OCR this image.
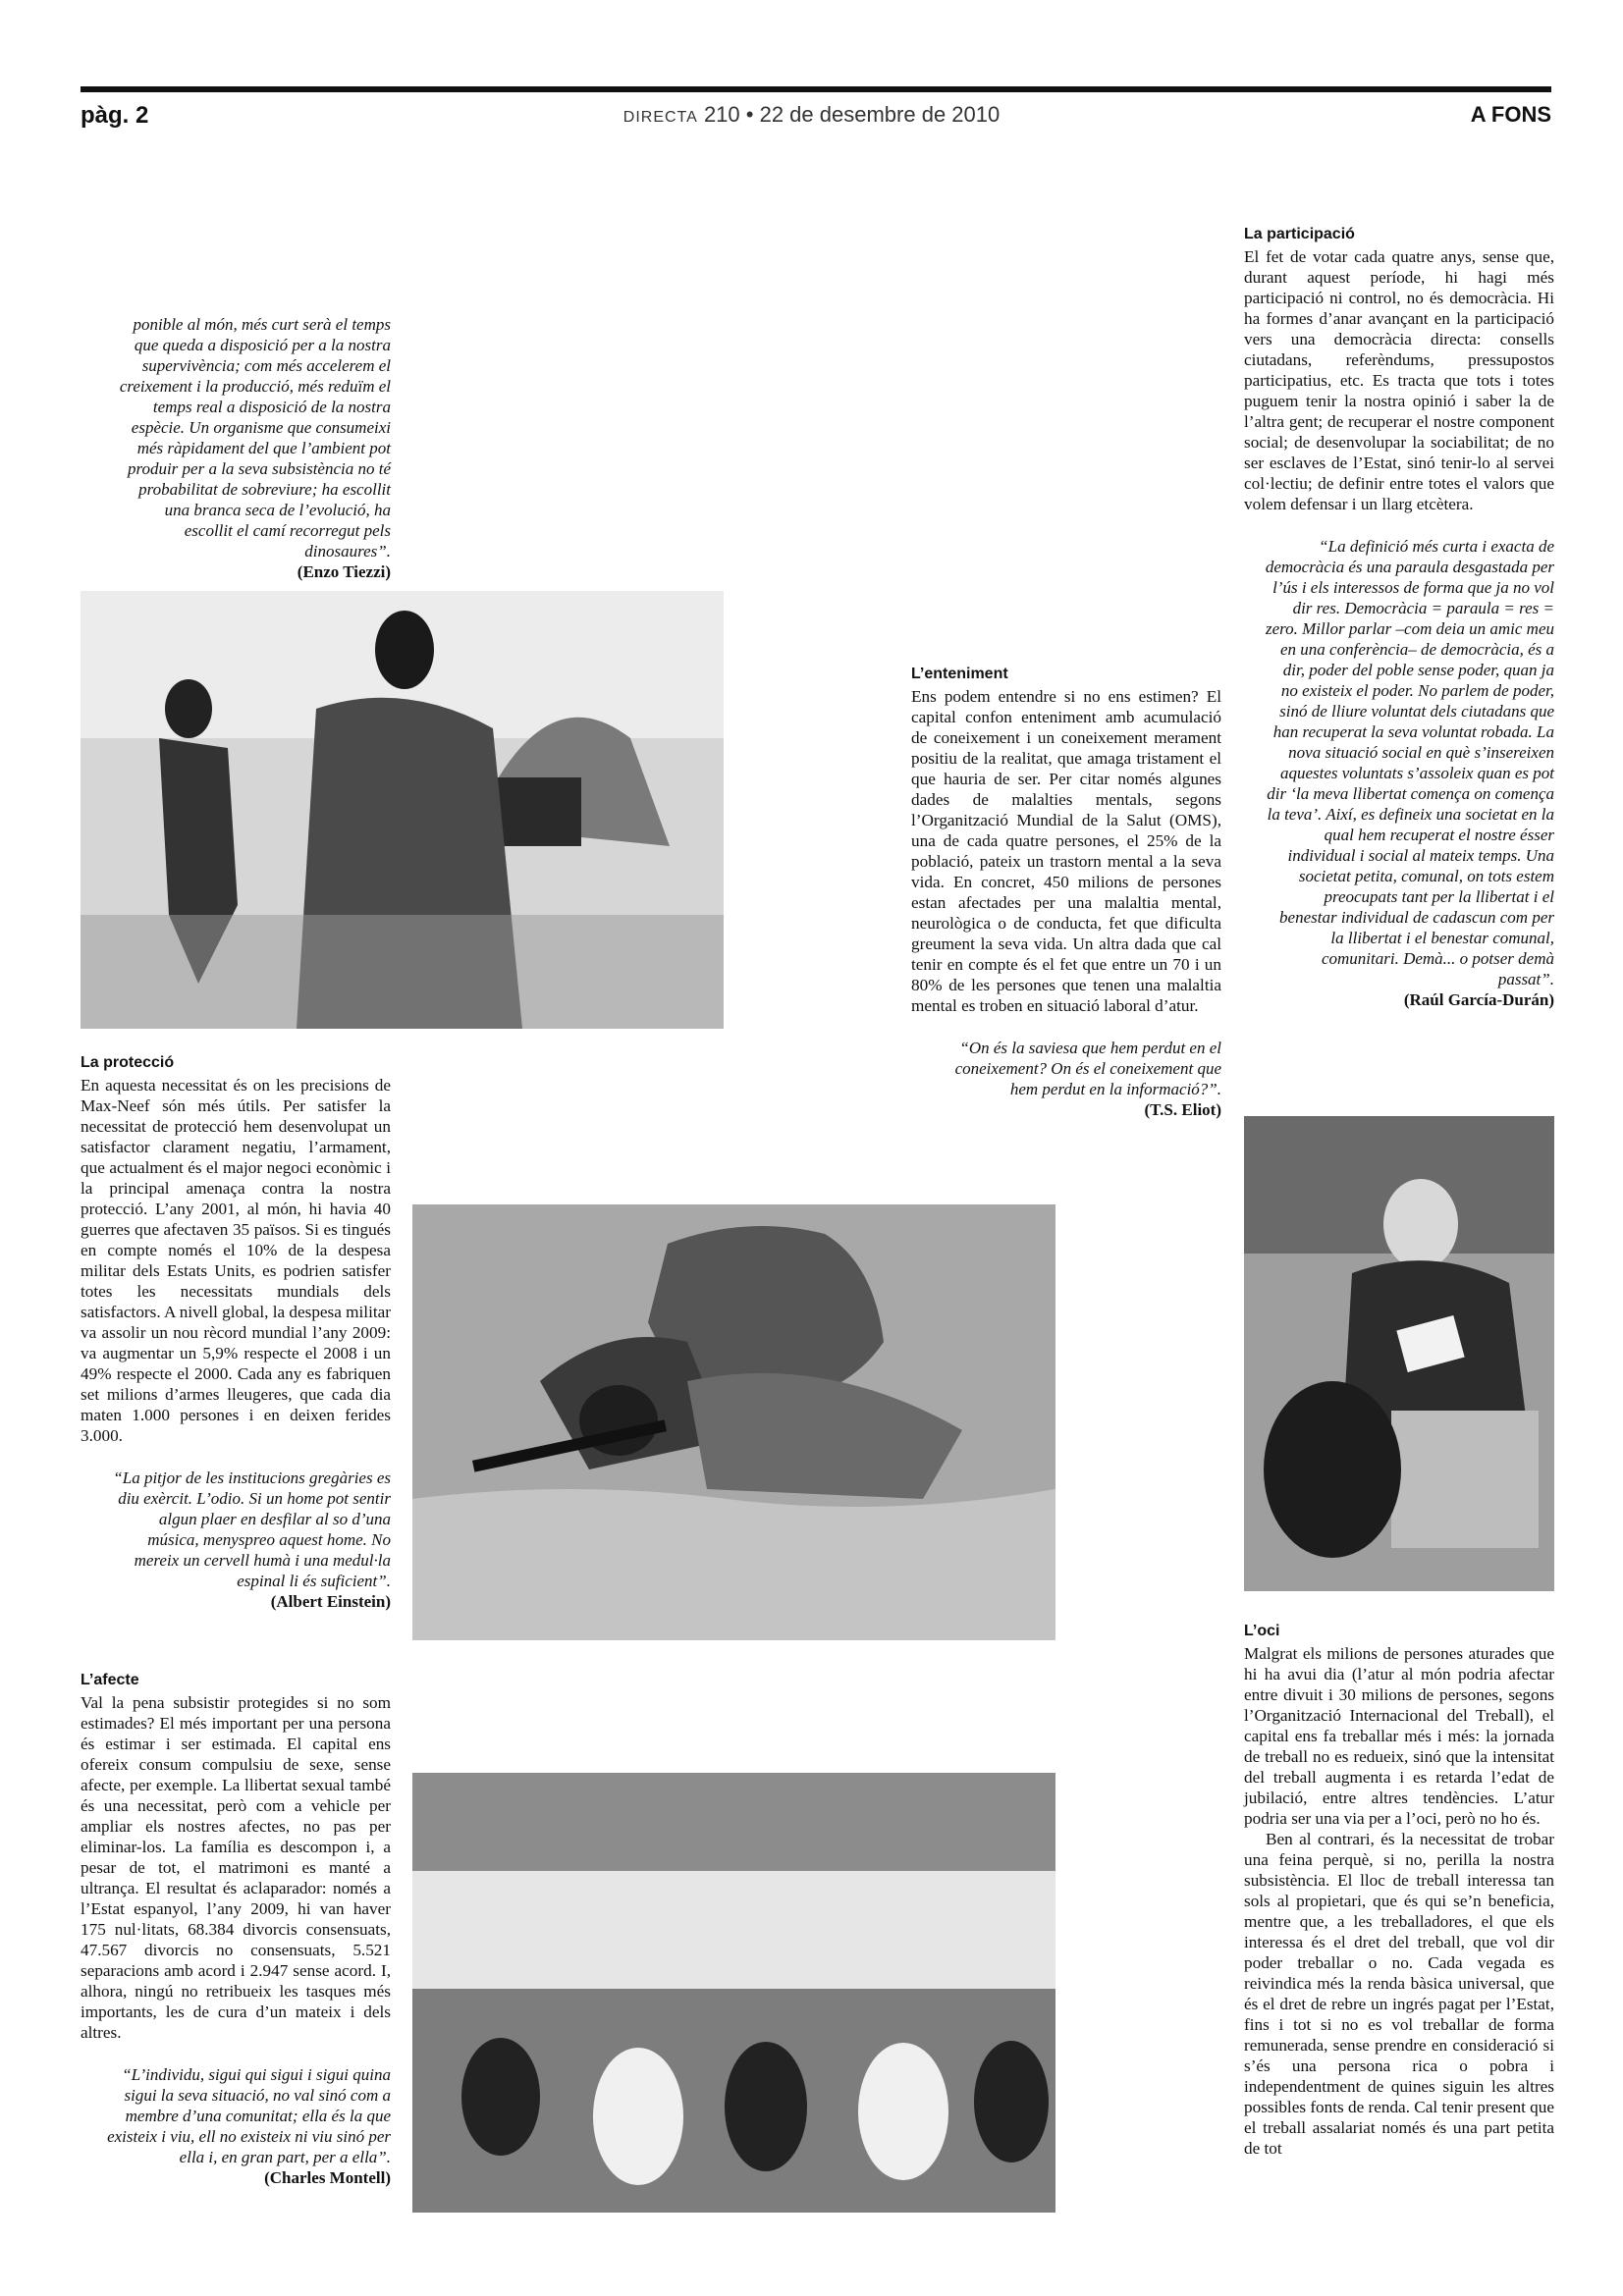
pàg. 2	DIRECTA 210 • 22 de desembre de 2010	A FONS

ponible al món, més curt serà el temps que queda a disposició per a la nostra supervivència; com més accelerem el creixement i la producció, més reduïm el temps real a disposició de la nostra espècie. Un organisme que consumeixi més ràpidament del que l’ambient pot produir per a la seva subsistència no té probabilitat de sobreviure; ha escollit una branca seca de l’evolució, ha escollit el camí recorregut pels dinosaures”.

(Enzo Tiezzi)

La protecció

En aquesta necessitat és on les precisions de Max-Neef són més útils. Per satisfer la necessitat de protecció hem desenvolupat un satisfactor clarament negatiu, l’armament, que actualment és el major negoci econòmic i la principal amenaça contra la nostra protecció. L’any 2001, al món, hi havia 40 guerres que afectaven 35 països. Si es tingués en compte només el 10% de la despesa militar dels Estats Units, es podrien satisfer totes les necessitats mundials dels satisfactors. A nivell global, la despesa militar va assolir un nou rècord mundial l’any 2009: va augmentar un 5,9% respecte el 2008 i un 49% respecte el 2000. Cada any es fabriquen set milions d’armes lleugeres, que cada dia maten 1.000 persones i en deixen ferides 3.000.

“La pitjor de les institucions gregàries es diu exèrcit. L’odio. Si un home pot sentir algun plaer en desfilar al so d’una música, menyspreo aquest home. No mereix un cervell humà i una medul·la espinal li és suficient”.

(Albert Einstein)

L’afecte

Val la pena subsistir protegides si no som estimades? El més important per una persona és estimar i ser estimada. El capital ens ofereix consum compulsiu de sexe, sense afecte, per exemple. La llibertat sexual també és una necessitat, però com a vehicle per ampliar els nostres afectes, no pas per eliminar-los. La família es descompon i, a pesar de tot, el matrimoni es manté a ultrança. El resultat és aclaparador: només a l’Estat espanyol, l’any 2009, hi van haver 175 nul·litats, 68.384 divorcis consensuats, 47.567 divorcis no consensuats, 5.521 separacions amb acord i 2.947 sense acord. I, alhora, ningú no retribueix les tasques més importants, les de cura d’un mateix i dels altres.

“L’individu, sigui qui sigui i sigui quina sigui la seva situació, no val sinó com a membre d’una comunitat; ella és la que existeix i viu, ell no existeix ni viu sinó per ella i, en gran part, per a ella”.

(Charles Montell)

L’enteniment

Ens podem entendre si no ens estimen? El capital confon enteniment amb acumulació de coneixement i un coneixement merament positiu de la realitat, que amaga tristament el que hauria de ser. Per citar només algunes dades de malalties mentals, segons l’Organització Mundial de la Salut (OMS), una de cada quatre persones, el 25% de la població, pateix un trastorn mental a la seva vida. En concret, 450 milions de persones estan afectades per una malaltia mental, neurològica o de conducta, fet que dificulta greument la seva vida. Un altra dada que cal tenir en compte és el fet que entre un 70 i un 80% de les persones que tenen una malaltia mental es troben en situació laboral d’atur.

“On és la saviesa que hem perdut en el coneixement? On és el coneixement que hem perdut en la informació?”.

(T.S. Eliot)

La participació

El fet de votar cada quatre anys, sense que, durant aquest període, hi hagi més participació ni control, no és democràcia. Hi ha formes d’anar avançant en la participació vers una democràcia directa: consells ciutadans, referèndums, pressupostos participatius, etc. Es tracta que tots i totes puguem tenir la nostra opinió i saber la de l’altra gent; de recuperar el nostre component social; de desenvolupar la sociabilitat; de no ser esclaves de l’Estat, sinó tenir-lo al servei col·lectiu; de definir entre totes el valors que volem defensar i un llarg etcètera.

“La definició més curta i exacta de democràcia és una paraula desgastada per l’ús i els interessos de forma que ja no vol dir res. Democràcia = paraula = res = zero. Millor parlar –com deia un amic meu en una conferència– de democràcia, és a dir, poder del poble sense poder, quan ja no existeix el poder. No parlem de poder, sinó de lliure voluntat dels ciutadans que han recuperat la seva voluntat robada. La nova situació social en què s’insereixen aquestes voluntats s’assoleix quan es pot dir ‘la meva llibertat comença on comença la teva’. Així, es defineix una societat en la qual hem recuperat el nostre ésser individual i social al mateix temps. Una societat petita, comunal, on tots estem preocupats tant per la llibertat i el benestar individual de cadascun com per la llibertat i el benestar comunal, comunitari. Demà... o potser demà passat”.

(Raúl García-Durán)

L’oci

Malgrat els milions de persones aturades que hi ha avui dia (l’atur al món podria afectar entre divuit i 30 milions de persones, segons l’Organització Internacional del Treball), el capital ens fa treballar més i més: la jornada de treball no es redueix, sinó que la intensitat del treball augmenta i es retarda l’edat de jubilació, entre altres tendències. L’atur podria ser una via per a l’oci, però no ho és.

Ben al contrari, és la necessitat de trobar una feina perquè, si no, perilla la nostra subsistència. El lloc de treball interessa tan sols al propietari, que és qui se’n beneficia, mentre que, a les treballadores, el que els interessa és el dret del treball, que vol dir poder treballar o no. Cada vegada es reivindica més la renda bàsica universal, que és el dret de rebre un ingrés pagat per l’Estat, fins i tot si no es vol treballar de forma remunerada, sense prendre en consideració si s’és una persona rica o pobra i independentment de quines siguin les altres possibles fonts de renda. Cal tenir present que el treball assalariat només és una part petita de tot
